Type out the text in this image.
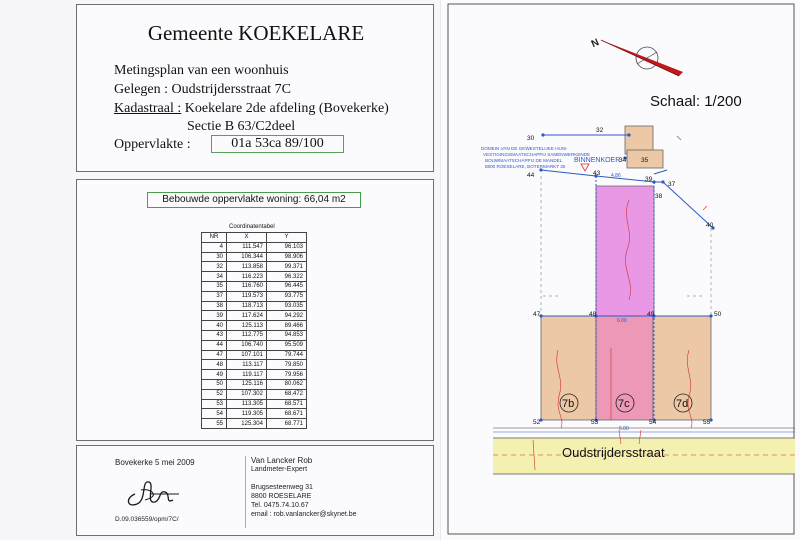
Gemeente KOEKELARE
Metingsplan van een woonhuis
Gelegen : Oudstrijdersstraat 7C
Kadastraal : Koekelare 2de afdeling (Bovekerke)
Sectie B 63/C2deel
Oppervlakte :	01a 53ca 89/100
Bebouwde oppervlakte woning: 66,04 m2
Coordinatentabel
NR	X	Y
4	111.547	96.103
30	106.344	98.906
32	113.858	99.371
34	116.223	96.322
35	116.760	96.445
37	119.573	93.775
38	118.713	93.035
39	117.624	94.292
40	125.113	89.466
43	112.775	94.853
44	106.740	95.509
47	107.101	79.744
48	113.117	79.850
49	119.117	79.956
50	125.116	80.062
52	107.302	68.472
53	113.305	68.571
54	119.305	68.671
55	125.304	68.771
Bovekerke 5 mei 2009
D.09.036559/opm/7C/
Van Lancker Rob
Landmeter-Expert
Brugsesteenweg 31
8800 ROESELARE
Tel. 0475.74.10.67
email : rob.vanlancker@skynet.be
N
30
32
34 35
37
38
39
40
43
44
47	48	49	50
52	53	54	55
4.86
6.00
6.00
DOMEIN VAN DE GEWESTELIJKE HUIS-
VESTIGINGSMAATSCHAPPIJ SAMENWERKENDE
BOUWMAATSCHAPPIJ DE MANDEL
8800 ROESELARE, BOTERMARKT 30
BINNENKOER
7b	7c	7d
Schaal: 1/200
Oudstrijdersstraat
